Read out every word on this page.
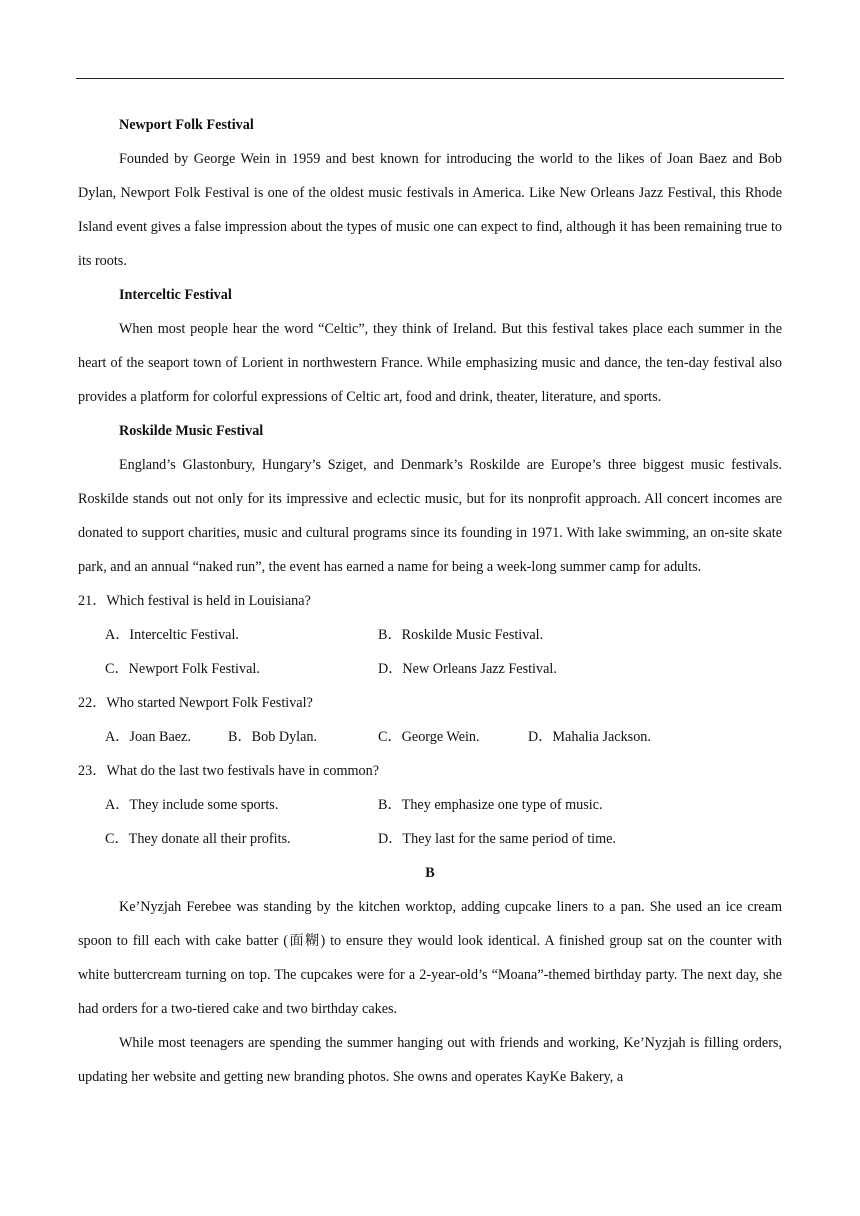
Newport Folk Festival

Founded by George Wein in 1959 and best known for introducing the world to the likes of Joan Baez and Bob Dylan, Newport Folk Festival is one of the oldest music festivals in America. Like New Orleans Jazz Festival, this Rhode Island event gives a false impression about the types of music one can expect to find, although it has been remaining true to its roots.

Interceltic Festival

When most people hear the word “Celtic”, they think of Ireland. But this festival takes place each summer in the heart of the seaport town of Lorient in northwestern France. While emphasizing music and dance, the ten-day festival also provides a platform for colorful expressions of Celtic art, food and drink, theater, literature, and sports.

Roskilde Music Festival

England’s Glastonbury, Hungary’s Sziget, and Denmark’s Roskilde are Europe’s three biggest music festivals. Roskilde stands out not only for its impressive and eclectic music, but for its nonprofit approach. All concert incomes are donated to support charities, music and cultural programs since its founding in 1971. With lake swimming, an on-site skate park, and an annual “naked run”, the event has earned a name for being a week-long summer camp for adults.

21．Which festival is held in Louisiana?

A．Interceltic Festival.	B．Roskilde Music Festival.
C．Newport Folk Festival.	D．New Orleans Jazz Festival.

22．Who started Newport Folk Festival?

A．Joan Baez.	B．Bob Dylan.	C．George Wein.	D．Mahalia Jackson.

23．What do the last two festivals have in common?

A．They include some sports.	B．They emphasize one type of music.
C．They donate all their profits.	D．They last for the same period of time.

B

Ke’Nyzjah Ferebee was standing by the kitchen worktop, adding cupcake liners to a pan. She used an ice cream spoon to fill each with cake batter (面糊) to ensure they would look identical. A finished group sat on the counter with white buttercream turning on top. The cupcakes were for a 2-year-old’s “Moana”-themed birthday party. The next day, she had orders for a two-tiered cake and two birthday cakes.

While most teenagers are spending the summer hanging out with friends and working, Ke’Nyzjah is filling orders, updating her website and getting new branding photos. She owns and operates KayKe Bakery, a
